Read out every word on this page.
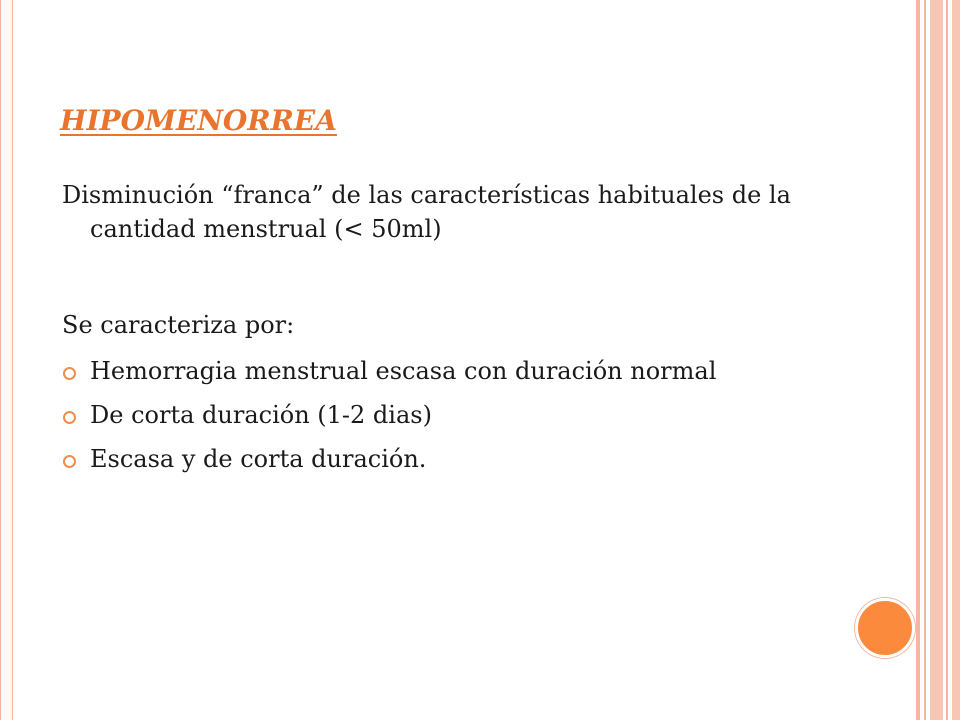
HIPOMENORREA

Disminución “franca” de las características habituales de la cantidad menstrual (< 50ml)

Se caracteriza por:

Hemorragia menstrual escasa con duración normal
De corta duración (1-2 dias)
Escasa y de corta duración.
